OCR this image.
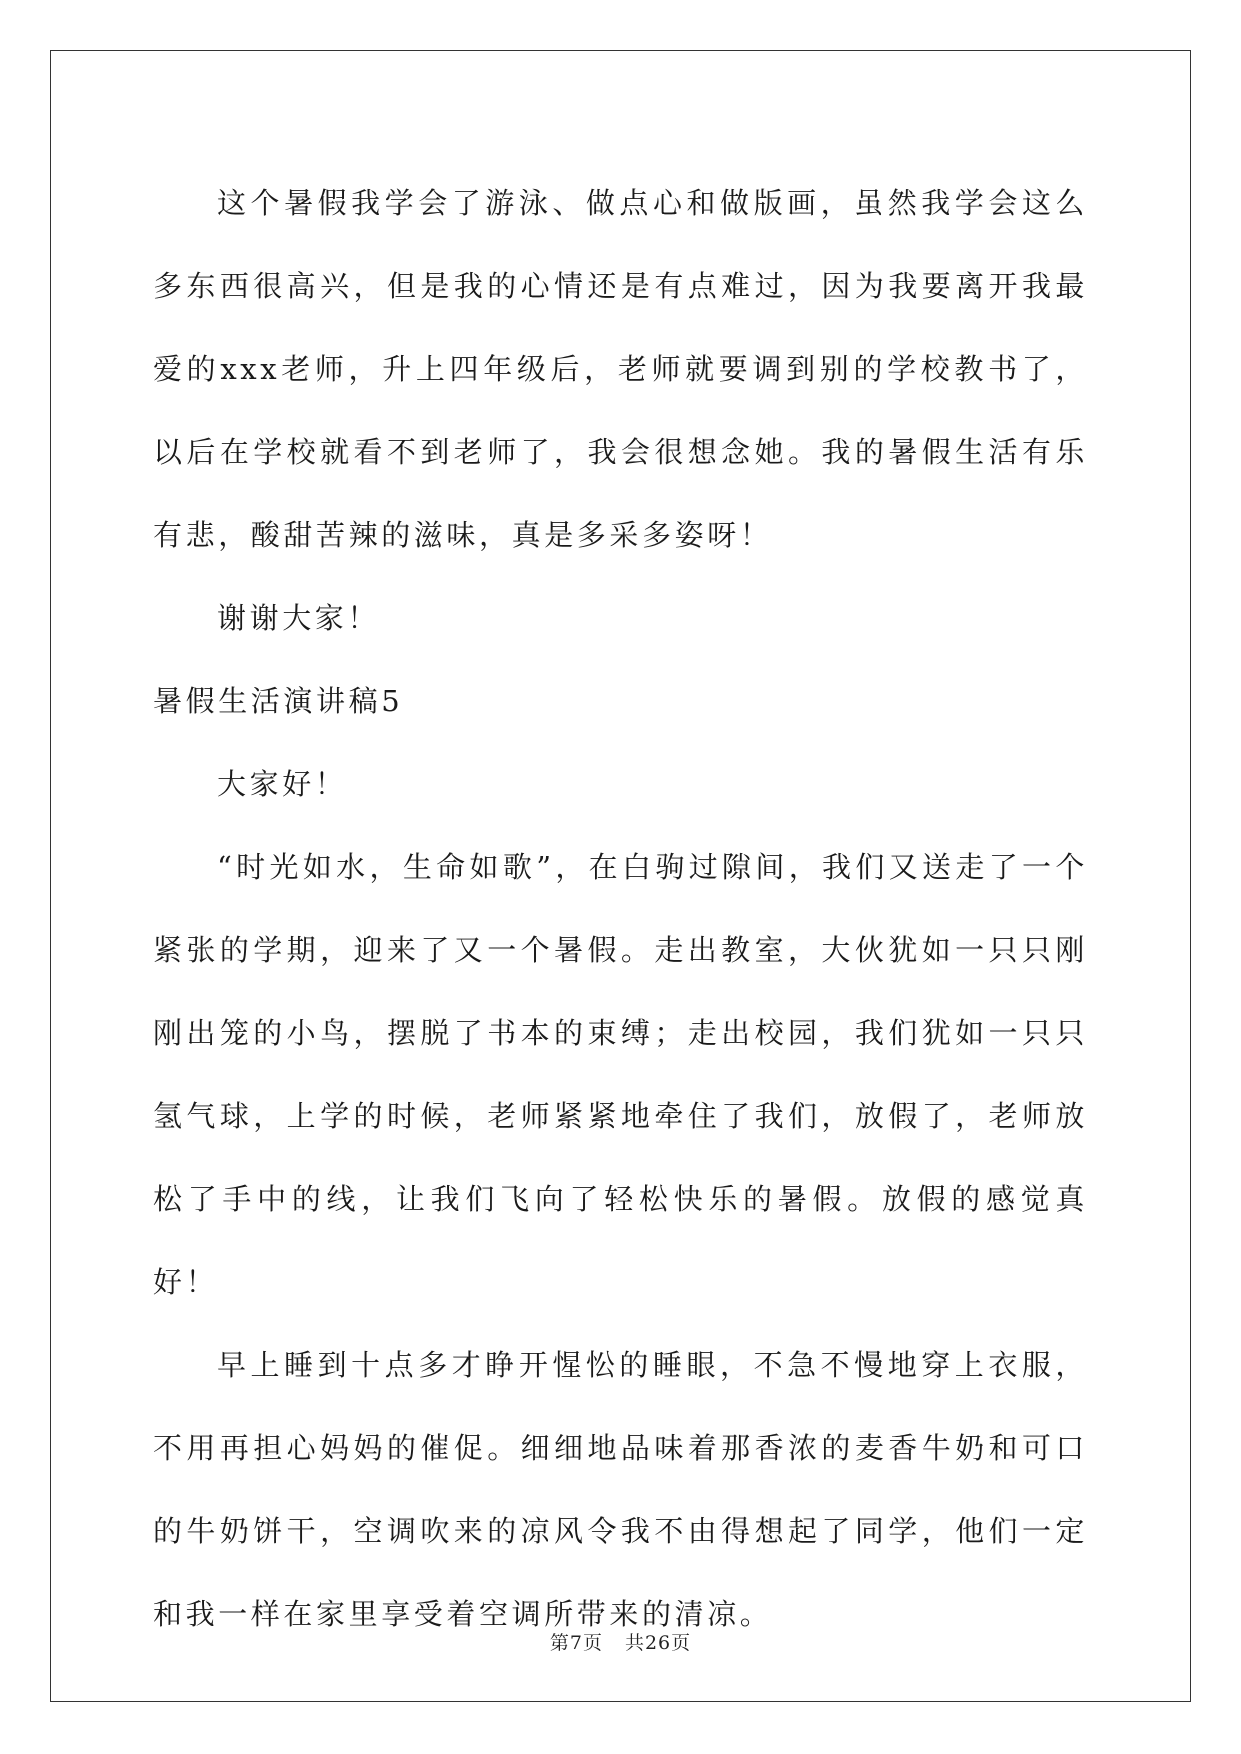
这个暑假我学会了游泳、做点心和做版画，虽然我学会这么多东西很高兴，但是我的心情还是有点难过，因为我要离开我最爱的xxx老师，升上四年级后，老师就要调到别的学校教书了，以后在学校就看不到老师了，我会很想念她。我的暑假生活有乐有悲，酸甜苦辣的滋味，真是多采多姿呀！

谢谢大家！

暑假生活演讲稿5

大家好！

“时光如水，生命如歌”，在白驹过隙间，我们又送走了一个紧张的学期，迎来了又一个暑假。走出教室，大伙犹如一只只刚刚出笼的小鸟，摆脱了书本的束缚；走出校园，我们犹如一只只氢气球，上学的时候，老师紧紧地牵住了我们，放假了，老师放松了手中的线，让我们飞向了轻松快乐的暑假。放假的感觉真好！

早上睡到十点多才睁开惺忪的睡眼，不急不慢地穿上衣服，不用再担心妈妈的催促。细细地品味着那香浓的麦香牛奶和可口的牛奶饼干，空调吹来的凉风令我不由得想起了同学，他们一定和我一样在家里享受着空调所带来的清凉。

第7页 共26页
